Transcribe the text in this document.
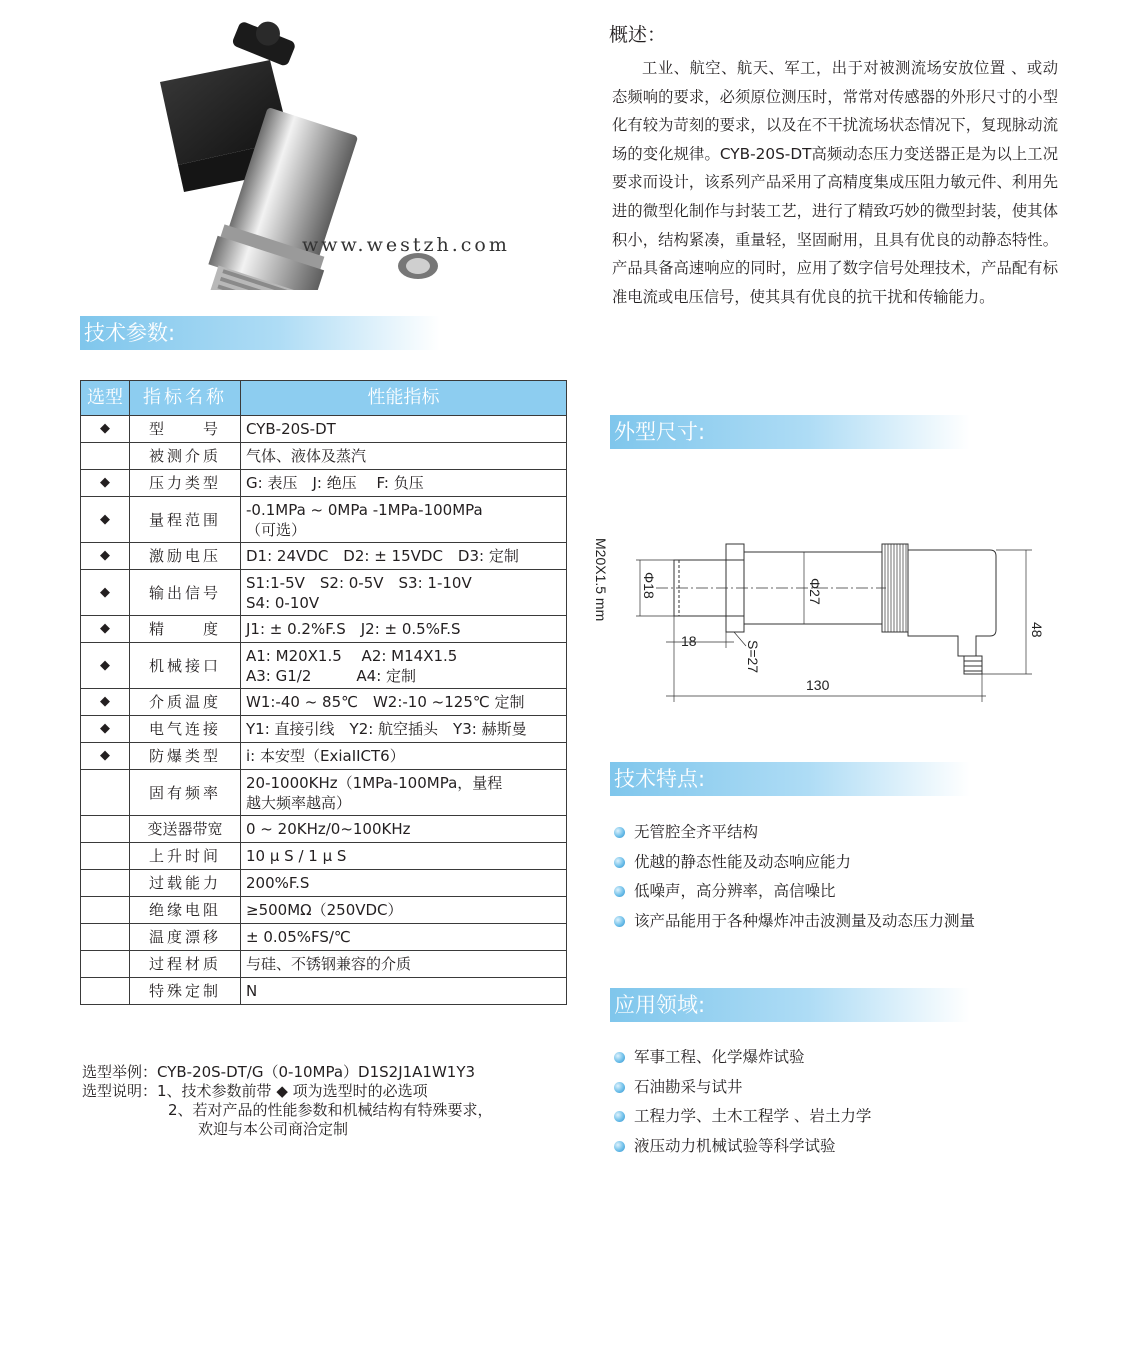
www.westzh.com
概述：
工业、航空、航天、军工，出于对被测流场安放位置 、或动态频响的要求，必须原位测压时，常常对传感器的外形尺寸的小型化有较为苛刻的要求，以及在不干扰流场状态情况下，复现脉动流场的变化规律。CYB-20S-DT高频动态压力变送器正是为以上工况要求而设计，该系列产品采用了高精度集成压阻力敏元件、利用先进的微型化制作与封装工艺，进行了精致巧妙的微型封装，使其体积小，结构紧凑，重量轻，坚固耐用，且具有优良的动静态特性。产品具备高速响应的同时，应用了数字信号处理技术，产品配有标准电流或电压信号，使其具有优良的抗干扰和传输能力。
技术参数:
选型	指标名称	性能指标
◆	型　　号	CYB-20S-DT
	被测介质	气体、液体及蒸汽
◆	压力类型	G: 表压　J: 绝压　 F: 负压
◆	量程范围	-0.1MPa ~ 0MPa -1MPa-100MPa
（可选）

◆	激励电压	D1: 24VDC　D2: ± 15VDC　D3: 定制
◆	输出信号	S1:1-5V　S2: 0-5V　S3: 1-10V
S4: 0-10V

◆	精　　度	J1: ± 0.2%F.S　J2: ± 0.5%F.S
◆	机械接口	A1: M20X1.5　 A2: M14X1.5
A3: G1/2　　　A4: 定制

◆	介质温度	W1:-40 ~ 85℃　W2:-10 ~125℃ 定制
◆	电气连接	Y1: 直接引线　Y2: 航空插头　Y3: 赫斯曼
◆	防爆类型	i: 本安型（ExiaIICT6）
	固有频率	20-1000KHz（1MPa-100MPa，量程
越大频率越高）

	变送器带宽	0 ~ 20KHz/0~100KHz
	上升时间	10 μ S / 1 μ S
	过载能力	200%F.S
	绝缘电阻	≥500MΩ（250VDC）
	温度漂移	± 0.05%FS/℃
	过程材质	与硅、不锈钢兼容的介质
	特殊定制	N
选型举例：CYB-20S-DT/G（0-10MPa）D1S2J1A1W1Y3
选型说明：1、技术参数前带 ◆ 项为选型时的必选项
2、若对产品的性能参数和机械结构有特殊要求，
欢迎与本公司商洽定制
外型尺寸:
M20X1.5 mm Φ18	Φ27
18	S=27
130
48
技术特点:
无管腔全齐平结构
优越的静态性能及动态响应能力
低噪声，高分辨率，高信噪比
该产品能用于各种爆炸冲击波测量及动态压力测量
应用领域:
军事工程、化学爆炸试验
石油勘采与试井
工程力学、土木工程学 、岩土力学
液压动力机械试验等科学试验
